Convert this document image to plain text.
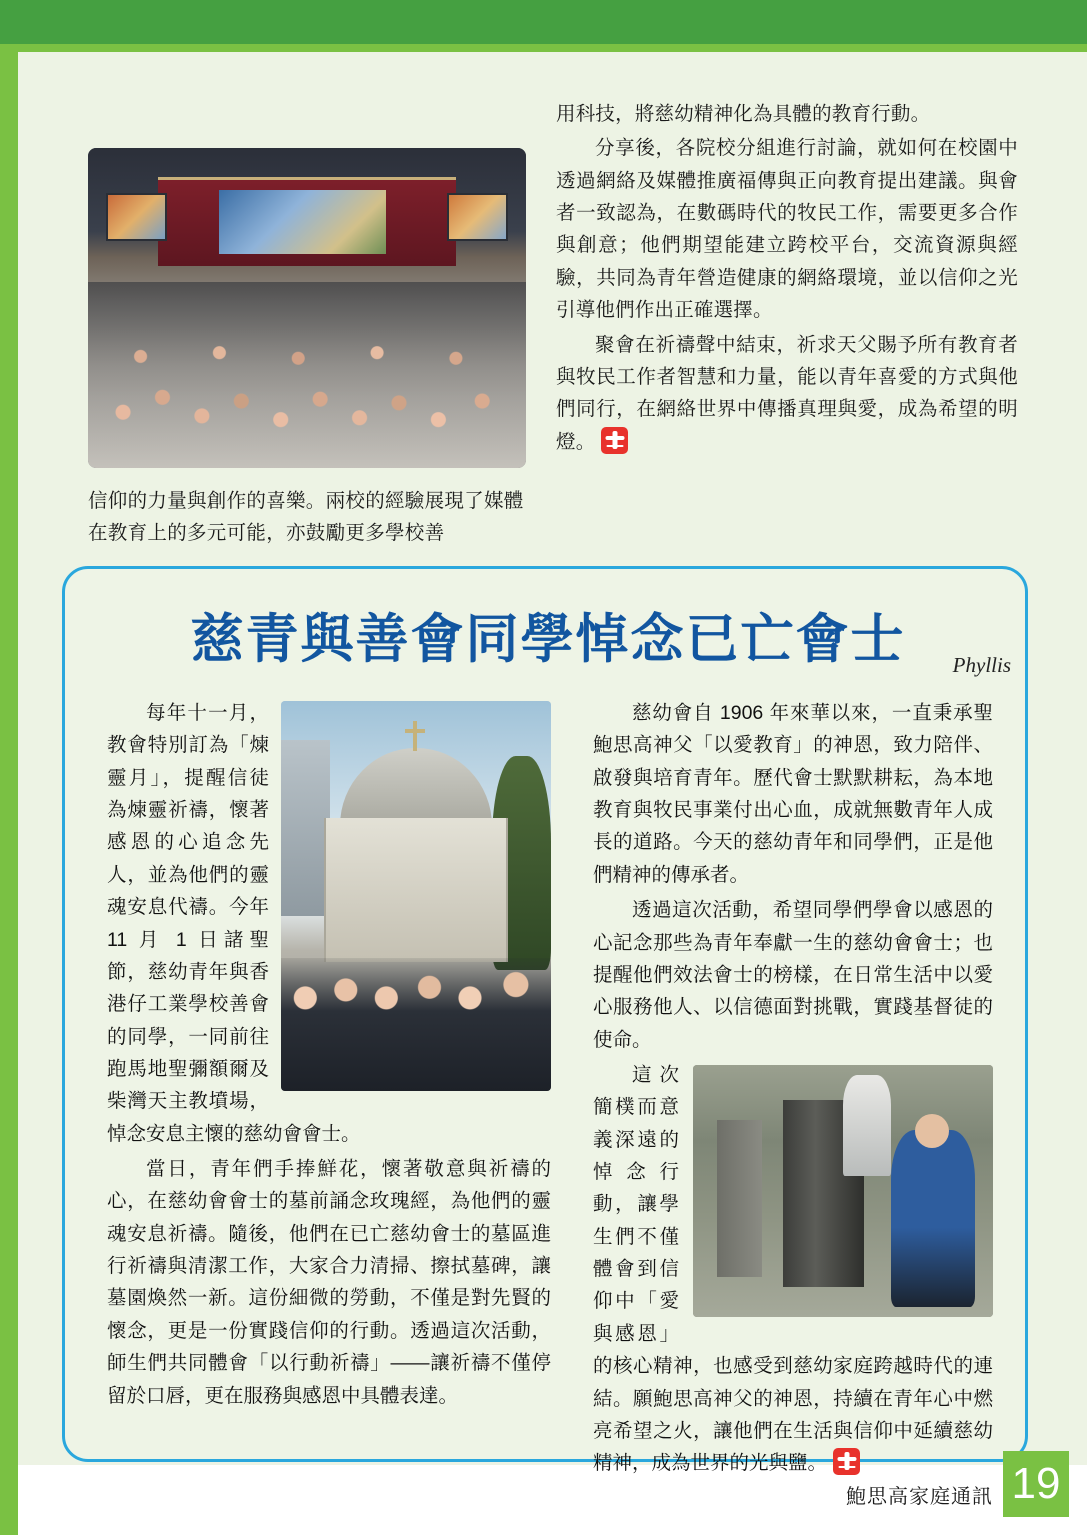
信仰的力量與創作的喜樂。兩校的經驗展現了媒體在教育上的多元可能，亦鼓勵更多學校善

用科技，將慈幼精神化為具體的教育行動。

分享後，各院校分組進行討論，就如何在校園中透過網絡及媒體推廣福傳與正向教育提出建議。與會者一致認為，在數碼時代的牧民工作，需要更多合作與創意；他們期望能建立跨校平台，交流資源與經驗，共同為青年營造健康的網絡環境，並以信仰之光引導他們作出正確選擇。

聚會在祈禱聲中結束，祈求天父賜予所有教育者與牧民工作者智慧和力量，能以青年喜愛的方式與他們同行，在網絡世界中傳播真理與愛，成為希望的明燈。

慈青與善會同學悼念已亡會士	Phyllis

每年十一月，教會特別訂為「煉靈月」，提醒信徒為煉靈祈禱，懷著感恩的心追念先人，並為他們的靈魂安息代禱。今年 11 月 1 日諸聖節，慈幼青年與香港仔工業學校善會的同學，一同前往跑馬地聖彌額爾及柴灣天主教墳場，悼念安息主懷的慈幼會會士。

當日，青年們手捧鮮花，懷著敬意與祈禱的心，在慈幼會會士的墓前誦念玫瑰經，為他們的靈魂安息祈禱。隨後，他們在已亡慈幼會士的墓區進行祈禱與清潔工作，大家合力清掃、擦拭墓碑，讓墓園煥然一新。這份細微的勞動，不僅是對先賢的懷念，更是一份實踐信仰的行動。透過這次活動，師生們共同體會「以行動祈禱」——讓祈禱不僅停留於口唇，更在服務與感恩中具體表達。

慈幼會自 1906 年來華以來，一直秉承聖鮑思高神父「以愛教育」的神恩，致力陪伴、啟發與培育青年。歷代會士默默耕耘，為本地教育與牧民事業付出心血，成就無數青年人成長的道路。今天的慈幼青年和同學們，正是他們精神的傳承者。

透過這次活動，希望同學們學會以感恩的心記念那些為青年奉獻一生的慈幼會會士；也提醒他們效法會士的榜樣，在日常生活中以愛心服務他人、以信德面對挑戰，實踐基督徒的使命。

這次簡樸而意義深遠的悼念行動，讓學生們不僅體會到信仰中「愛與感恩」的核心精神，也感受到慈幼家庭跨越時代的連結。願鮑思高神父的神恩，持續在青年心中燃亮希望之火，讓他們在生活與信仰中延續慈幼精神，成為世界的光與鹽。

鮑思高家庭通訊 19
